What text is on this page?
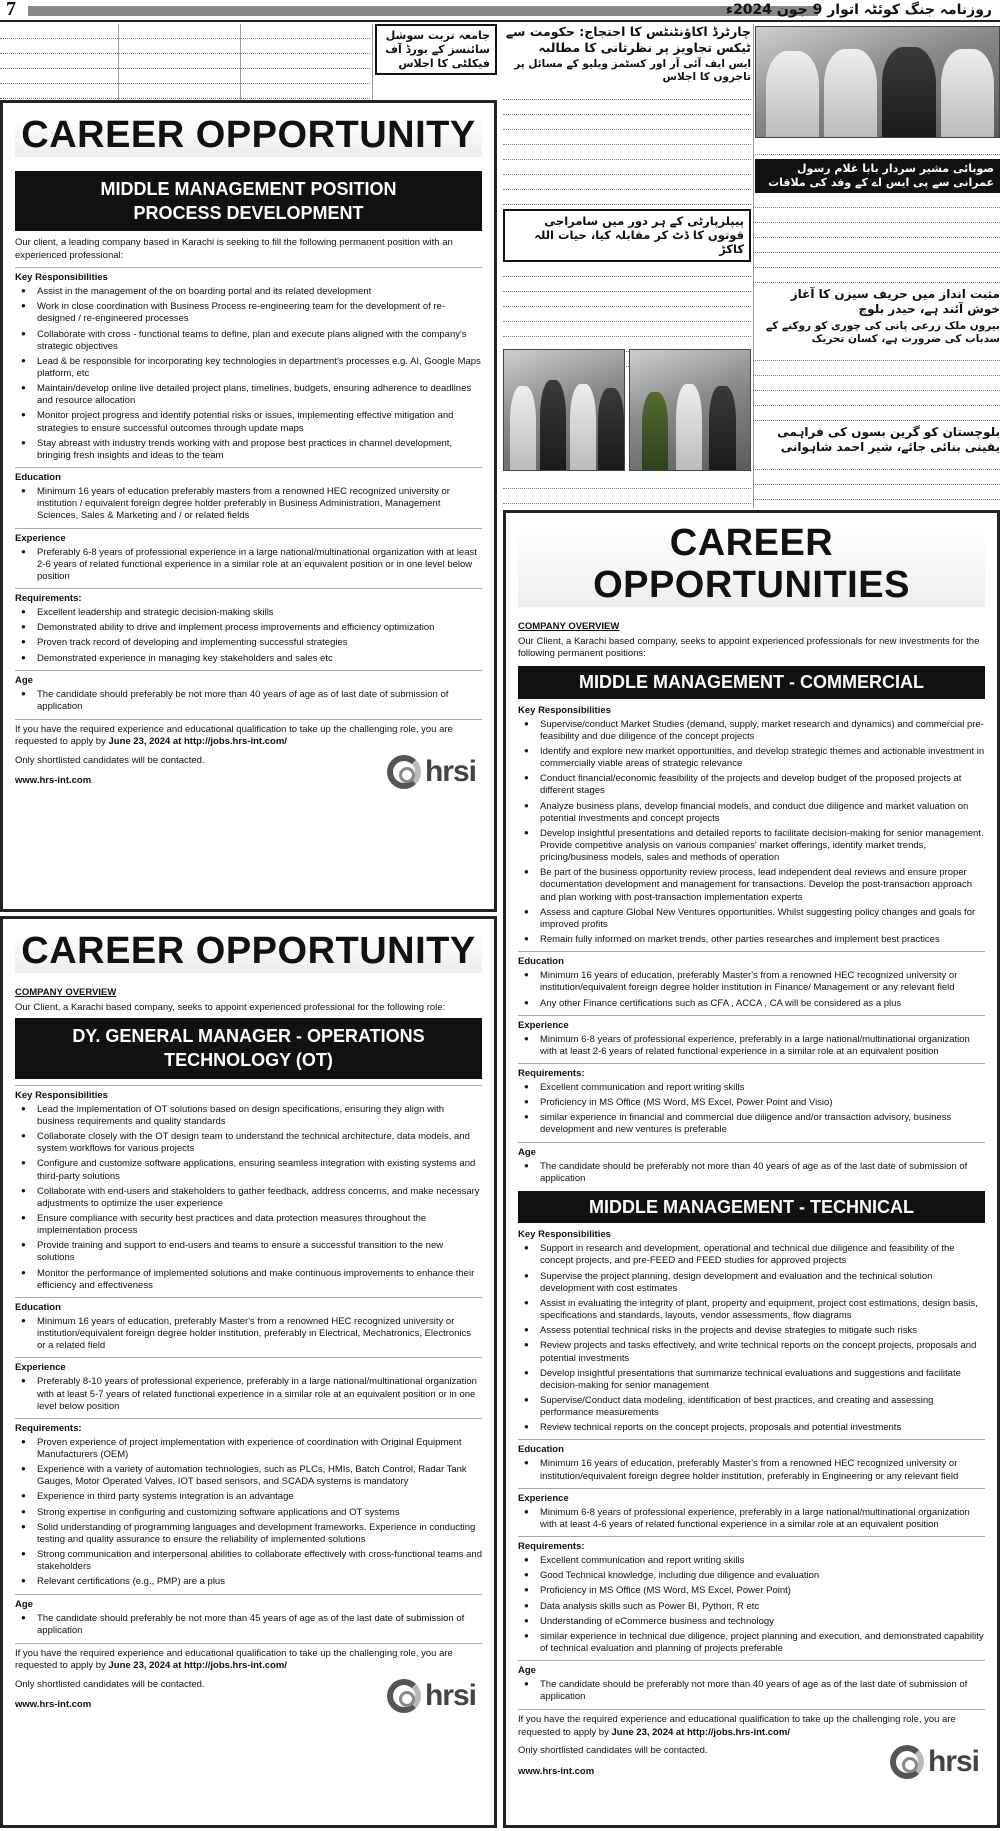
7	روزنامہ جنگ کوئٹہ اتوار 9 جون 2024ء
جامعہ تربت سوشل سائنسز کے بورڈ آف فیکلٹی کا اجلاس
چارٹرڈ اکاؤنٹنٹس کا احتجاج: حکومت سے ٹیکس تجاویز پر نظرثانی کا مطالبہ
ایس ایف آئی آر اور کسٹمز ویلیو کے مسائل پر تاجروں کا اجلاس
پیپلزپارٹی کے ہر دور میں سامراجی قوتوں کا ڈٹ کر مقابلہ کیا، حیات اللہ کاکڑ
صوبائی مشیر سردار بابا غلام رسول عمرانی سے پی ایس اے کے وفد کی ملاقات
مثبت انداز میں حریف سیزن کا آغاز خوش آئند ہے، حیدر بلوچ
بیرون ملک زرعی پانی کی چوری کو روکنے کے سدباب کی ضرورت ہے، کسان تحریک
بلوچستان کو گرین بسوں کی فراہمی یقینی بنائی جائے، شیر احمد شاہوانی
CAREER OPPORTUNITY
MIDDLE MANAGEMENT POSITION PROCESS DEVELOPMENT

Our client, a leading company based in Karachi is seeking to fill the following permanent position with an experienced professional:

Key Responsibilities
● Assist in the management of the on boarding portal and its related development
● Work in close coordination with Business Process re-engineering team for the development of re-designed / re-engineered processes
● Collaborate with cross - functional teams to define, plan and execute plans aligned with the company's strategic objectives
● Lead & be responsible for incorporating key technologies in department's processes e.g. AI, Google Maps platform, etc
● Maintain/develop online live detailed project plans, timelines, budgets, ensuring adherence to deadlines and resource allocation
● Monitor project progress and identify potential risks or issues, implementing effective mitigation and strategies to ensure successful outcomes through update maps
● Stay abreast with industry trends working with and propose best practices in channel development, bringing fresh insights and ideas to the team
Education
● Minimum 16 years of education preferably masters from a renowned HEC recognized university or institution / equivalent foreign degree holder preferably in Business Administration, Management Sciences, Sales & Marketing and / or related fields
Experience
● Preferably 6-8 years of professional experience in a large national/multinational organization with at least 2-6 years of related functional experience in a similar role at an equivalent position or in one level below position
Requirements:
● Excellent leadership and strategic decision-making skills
● Demonstrated ability to drive and implement process improvements and efficiency optimization
● Proven track record of developing and implementing successful strategies
● Demonstrated experience in managing key stakeholders and sales etc
Age
● The candidate should preferably be not more than 40 years of age as of last date of submission of application
If you have the required experience and educational qualification to take up the challenging role, you are requested to apply by June 23, 2024 at http://jobs.hrs-int.com/

Only shortlisted candidates will be contacted.

www.hrs-int.com	hrsi
CAREER OPPORTUNITY
COMPANY OVERVIEW

Our Client, a Karachi based company, seeks to appoint experienced professional for the following role:

DY. GENERAL MANAGER - OPERATIONS TECHNOLOGY (OT)
Key Responsibilities
● Lead the implementation of OT solutions based on design specifications, ensuring they align with business requirements and quality standards
● Collaborate closely with the OT design team to understand the technical architecture, data models, and system workflows for various projects
● Configure and customize software applications, ensuring seamless integration with existing systems and third-party solutions
● Collaborate with end-users and stakeholders to gather feedback, address concerns, and make necessary adjustments to optimize the user experience
● Ensure compliance with security best practices and data protection measures throughout the implementation process
● Provide training and support to end-users and teams to ensure a successful transition to the new solutions
● Monitor the performance of implemented solutions and make continuous improvements to enhance their efficiency and effectiveness
Education
● Minimum 16 years of education, preferably Master's from a renowned HEC recognized university or institution/equivalent foreign degree holder institution, preferably in Electrical, Mechatronics, Electronics or a related field
Experience
● Preferably 8-10 years of professional experience, preferably in a large national/multinational organization with at least 5-7 years of related functional experience in a similar role at an equivalent position or in one level below position
Requirements:
● Proven experience of project implementation with experience of coordination with Original Equipment Manufacturers (OEM)
● Experience with a variety of automation technologies, such as PLCs, HMIs, Batch Control, Radar Tank Gauges, Motor Operated Valves, IOT based sensors, and SCADA systems is mandatory
● Experience in third party systems integration is an advantage
● Strong expertise in configuring and customizing software applications and OT systems
● Solid understanding of programming languages and development frameworks. Experience in conducting testing and quality assurance to ensure the reliability of implemented solutions
● Strong communication and interpersonal abilities to collaborate effectively with cross-functional teams and stakeholders
● Relevant certifications (e.g., PMP) are a plus
Age
● The candidate should preferably be not more than 45 years of age as of the last date of submission of application
If you have the required experience and educational qualification to take up the challenging role, you are requested to apply by June 23, 2024 at http://jobs.hrs-int.com/

Only shortlisted candidates will be contacted.

www.hrs-int.com	hrsi
CAREER OPPORTUNITIES
COMPANY OVERVIEW

Our Client, a Karachi based company, seeks to appoint experienced professionals for new investments for the following permanent positions:

MIDDLE MANAGEMENT - COMMERCIAL
Key Responsibilities
● Supervise/conduct Market Studies (demand, supply, market research and dynamics) and commercial pre-feasibility and due diligence of the concept projects
● Identify and explore new market opportunities, and develop strategic themes and actionable investment in commercially viable areas of strategic relevance
● Conduct financial/economic feasibility of the projects and develop budget of the proposed projects at different stages
● Analyze business plans, develop financial models, and conduct due diligence and market valuation on potential investments and concept projects
● Develop insightful presentations and detailed reports to facilitate decision-making for senior management. Provide competitive analysis on various companies' market offerings, identify market trends, pricing/business models, sales and methods of operation
● Be part of the business opportunity review process, lead independent deal reviews and ensure proper documentation development and management for transactions. Develop the post-transaction approach and plan working with post-transaction implementation experts
● Assess and capture Global New Ventures opportunities. Whilst suggesting policy changes and goals for improved profits
● Remain fully informed on market trends, other parties researches and implement best practices
Education
● Minimum 16 years of education, preferably Master's from a renowned HEC recognized university or institution/equivalent foreign degree holder institution in Finance/ Management or any relevant field
● Any other Finance certifications such as CFA , ACCA , CA will be considered as a plus
Experience
● Minimum 6-8 years of professional experience, preferably in a large national/multinational organization with at least 2-6 years of related functional experience in a similar role at an equivalent position
Requirements:
● Excellent communication and report writing skills
● Proficiency in MS Office (MS Word, MS Excel, Power Point and Visio)
● similar experience in financial and commercial due diligence and/or transaction advisory, business development and new ventures is preferable
Age
● The candidate should be preferably not more than 40 years of age as of the last date of submission of application
MIDDLE MANAGEMENT - TECHNICAL
Key Responsibilities
● Support in research and development, operational and technical due diligence and feasibility of the concept projects, and pre-FEED and FEED studies for approved projects
● Supervise the project planning, design development and evaluation and the technical solution development with cost estimates
● Assist in evaluating the integrity of plant, property and equipment, project cost estimations, design basis, specifications and standards, layouts, vendor assessments, flow diagrams
● Assess potential technical risks in the projects and devise strategies to mitigate such risks
● Review projects and tasks effectively, and write technical reports on the concept projects, proposals and potential investments
● Develop insightful presentations that summarize technical evaluations and suggestions and facilitate decision-making for senior management
● Supervise/Conduct data modeling, identification of best practices, and creating and assessing performance measurements
● Review technical reports on the concept projects, proposals and potential investments
Education
● Minimum 16 years of education, preferably Master's from a renowned HEC recognized university or institution/equivalent foreign degree holder institution, preferably in Engineering or any relevant field
Experience
● Minimum 6-8 years of professional experience, preferably in a large national/multinational organization with at least 4-6 years of related functional experience in a similar role at an equivalent position
Requirements:
● Excellent communication and report writing skills
● Good Technical knowledge, including due diligence and evaluation
● Proficiency in MS Office (MS Word, MS Excel, Power Point)
● Data analysis skills such as Power BI, Python, R etc
● Understanding of eCommerce business and technology
● similar experience in technical due diligence, project planning and execution, and demonstrated capability of technical evaluation and planning of projects preferable
Age
● The candidate should be preferably not more than 40 years of age as of the last date of submission of application
If you have the required experience and educational qualification to take up the challenging role, you are requested to apply by June 23, 2024 at http://jobs.hrs-int.com/

Only shortlisted candidates will be contacted.

www.hrs-int.com	hrsi
